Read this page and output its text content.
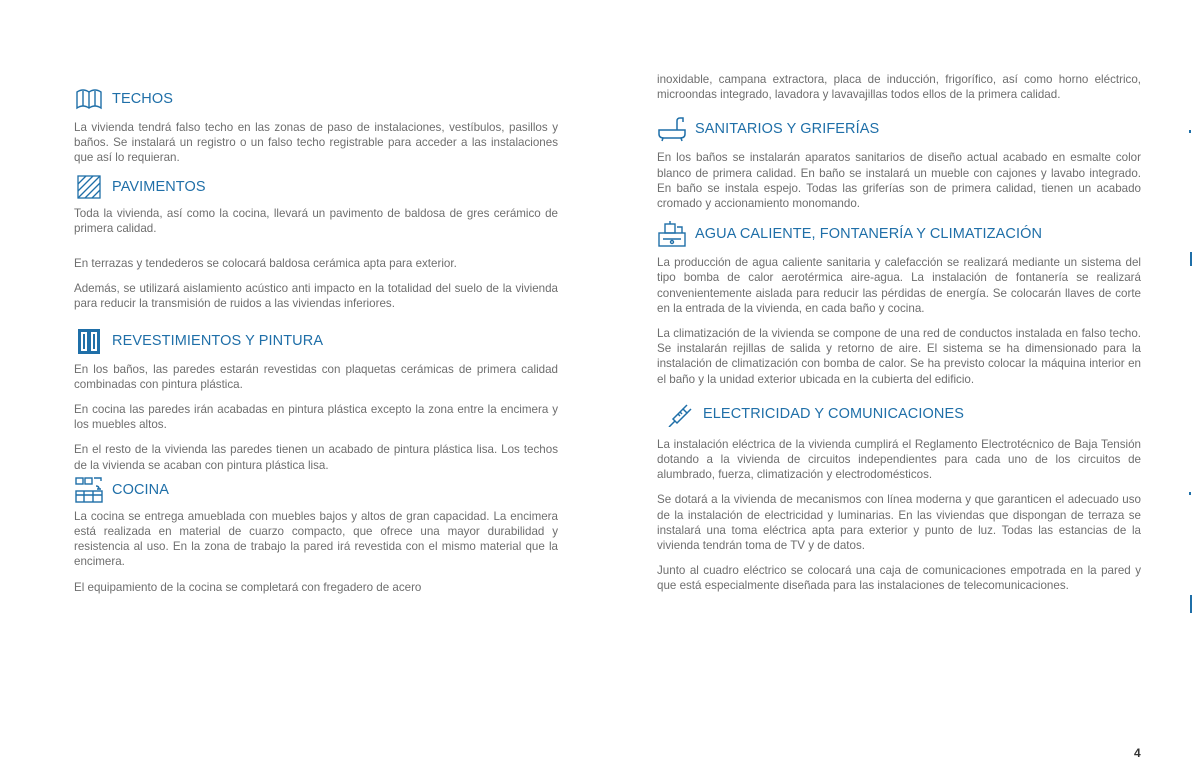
TECHOS

La vivienda tendrá falso techo en las zonas de paso de instalaciones, vestíbulos, pasillos y baños. Se instalará un registro o un falso techo registrable para acceder a las instalaciones que así lo requieran.

PAVIMENTOS

Toda la vivienda, así como la cocina, llevará un pavimento de baldosa de gres cerámico de primera calidad.

En terrazas y tendederos se colocará baldosa cerámica apta para exterior.

Además, se utilizará aislamiento acústico anti impacto en la totalidad del suelo de la vivienda para reducir la transmisión de ruidos a las viviendas inferiores.

REVESTIMIENTOS Y PINTURA

En los baños, las paredes estarán revestidas con plaquetas cerámicas de primera calidad combinadas con pintura plástica.

En cocina las paredes irán acabadas en pintura plástica excepto la zona entre la encimera y los muebles altos.

En el resto de la vivienda las paredes tienen un acabado de pintura plástica lisa. Los techos de la vivienda se acaban con pintura plástica lisa.

COCINA

La cocina se entrega amueblada con muebles bajos y altos de gran capacidad. La encimera está realizada en material de cuarzo compacto, que ofrece una mayor durabilidad y resistencia al uso. En la zona de trabajo la pared irá revestida con el mismo material que la encimera.

El equipamiento de la cocina se completará con fregadero de acero

inoxidable, campana extractora, placa de inducción, frigorífico, así como horno eléctrico, microondas integrado, lavadora y lavavajillas todos ellos de la primera calidad.

SANITARIOS Y GRIFERÍAS

En los baños se instalarán aparatos sanitarios de diseño actual acabado en esmalte color blanco de primera calidad. En baño se instalará un mueble con cajones y lavabo integrado. En baño se instala espejo. Todas las griferías son de primera calidad, tienen un acabado cromado y accionamiento monomando.

AGUA CALIENTE, FONTANERÍA Y CLIMATIZACIÓN

La producción de agua caliente sanitaria y calefacción se realizará mediante un sistema del tipo bomba de calor aerotérmica aire-agua. La instalación de fontanería se realizará convenientemente aislada para reducir las pérdidas de energía. Se colocarán llaves de corte en la entrada de la vivienda, en cada baño y cocina.

La climatización de la vivienda se compone de una red de conductos instalada en falso techo. Se instalarán rejillas de salida y retorno de aire. El sistema se ha dimensionado para la instalación de climatización con bomba de calor. Se ha previsto colocar la máquina interior en el baño y la unidad exterior ubicada en la cubierta del edificio.

ELECTRICIDAD Y COMUNICACIONES

La instalación eléctrica de la vivienda cumplirá el Reglamento Electrotécnico de Baja Tensión dotando a la vivienda de circuitos independientes para cada uno de los circuitos de alumbrado, fuerza, climatización y electrodomésticos.

Se dotará a la vivienda de mecanismos con línea moderna y que garanticen el adecuado uso de la instalación de electricidad y luminarias. En las viviendas que dispongan de terraza se instalará una toma eléctrica apta para exterior y punto de luz. Todas las estancias de la vivienda tendrán toma de TV y de datos.

Junto al cuadro eléctrico se colocará una caja de comunicaciones empotrada en la pared y que está especialmente diseñada para las instalaciones de telecomunicaciones.

4
